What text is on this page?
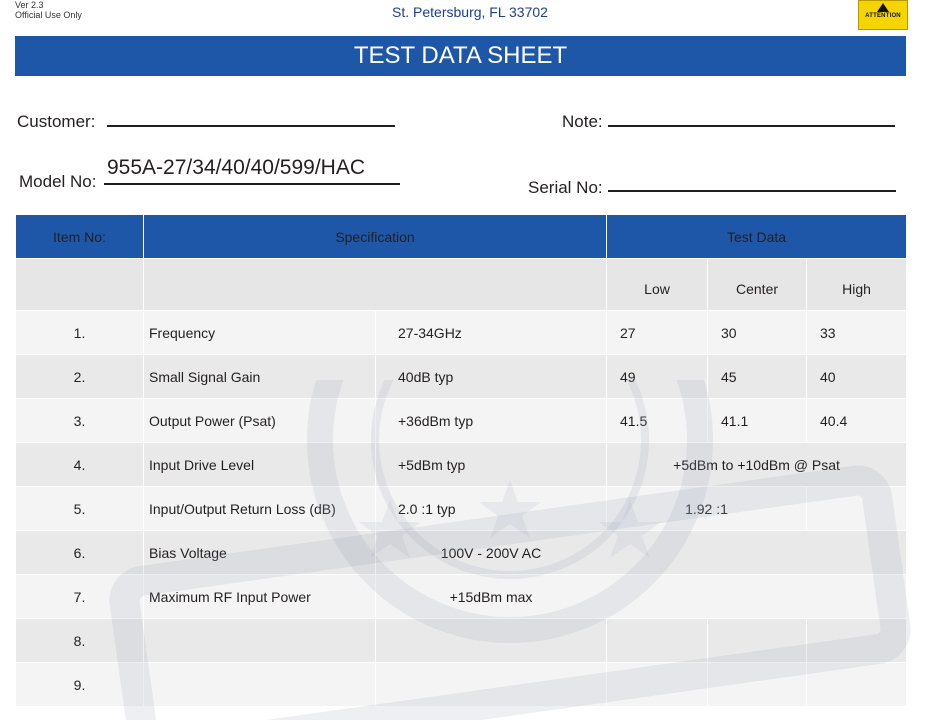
Ver 2.3
Official Use Only	St. Petersburg, FL 33702	ATTENTION
TEST DATA SHEET
Customer:	Note:
Model No:
955A-27/34/40/40/599/HAC
Serial No:
Item No:	Specification		Test Data		
			Low	Center	High
1.	Frequency	27-34GHz	27	30	33
2.	Small Signal Gain	40dB typ	49	45	40
3.	Output Power (Psat)	+36dBm typ	41.5	41.1	40.4
4.	Input Drive Level	+5dBm typ	+5dBm to +10dBm @ Psat		
5.	Input/Output Return Loss (dB)	2.0 :1 typ	1.92 :1		
6.	Bias Voltage	100V - 200V AC			
7.	Maximum RF Input Power	+15dBm max			
8.					
9.					
